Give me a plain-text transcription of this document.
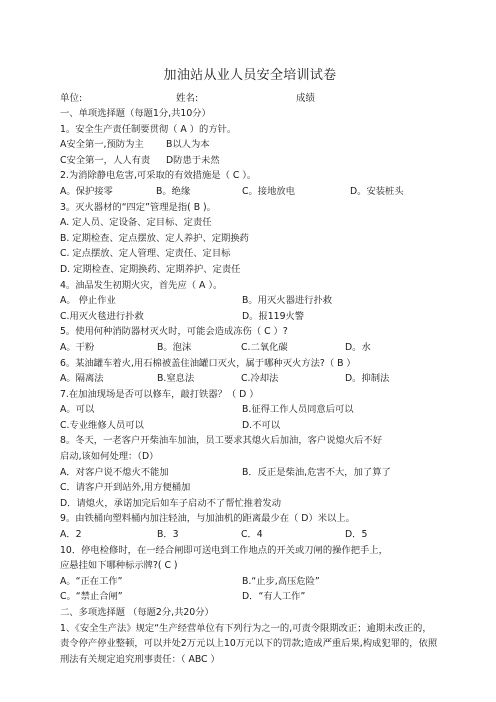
加油站从业人员安全培训试卷
单位:	姓名:	成绩
一、单项选择题（每题1分,共10分）
1。安全生产责任制要贯彻（ A ）的方针。
A安全第一,预防为主	B以人为本
C安全第一，人人有责	D防患于未然
2.为消除静电危害,可采取的有效措施是（ C ）。
A。保护接零	B。绝缘	C。接地放电	D。安装桩头
3。灭火器材的“四定”管理是指( B )。
A. 定人员、定设备、定目标、定责任
B. 定期检查、定点摆放、定人养护、定期换药
C. 定点摆放、定人管理、定责任、定目标
D. 定期检查、定期换药、定期养护、定责任
4。油品发生初期火灾，首先应（ A ）。
A。 停止作业	B。用灭火器进行扑救
C.用灭火毯进行扑救	D。报119火警
5。使用何种消防器材灭火时，可能会造成冻伤（ C ）?
A。干粉	B。泡沫	C.二氧化碳	D。水
6。某油罐车着火,用石棉被盖住油罐口灭火，属于哪种灭火方法?（ B ）
A。隔离法	B.窒息法	C.冷却法	D。抑制法
7.在加油现场是否可以修车，敲打铁器？（ D ）
A。可以	B.征得工作人员同意后可以
C.专业维修人员可以	D.不可以
8。冬天，一老客户开柴油车加油，员工要求其熄火后加油，客户说熄火后不好
启动,该如何处理：（D）
A．对客户说不熄火不能加	B．反正是柴油,危害不大，加了算了
C．请客户开到站外,用方便桶加
D．请熄火，承诺加完后如车子启动不了帮忙推着发动
9。由铁桶向塑料桶内加注轻油，与加油机的距离最少在（ D）米以上。
A．2	B．3	C．4	D．5
10．停电检修时，在一经合闸即可送电到工作地点的开关或刀闸的操作把手上，
应悬挂如下哪种标示牌?( C )
A。“正在工作”	B.“止步,高压危险”
C。“禁止合闸”	D．“有人工作”
二、多项选择题 （每题2分,共20分）
1、《安全生产法》规定“生产经营单位有下列行为之一的,可责令限期改正；逾期未改正的，责令停产停业整顿，可以并处2万元以上10万元以下的罚款;造成严重后果,构成犯罪的，依照刑法有关规定追究刑事责任：（ ABC ）
